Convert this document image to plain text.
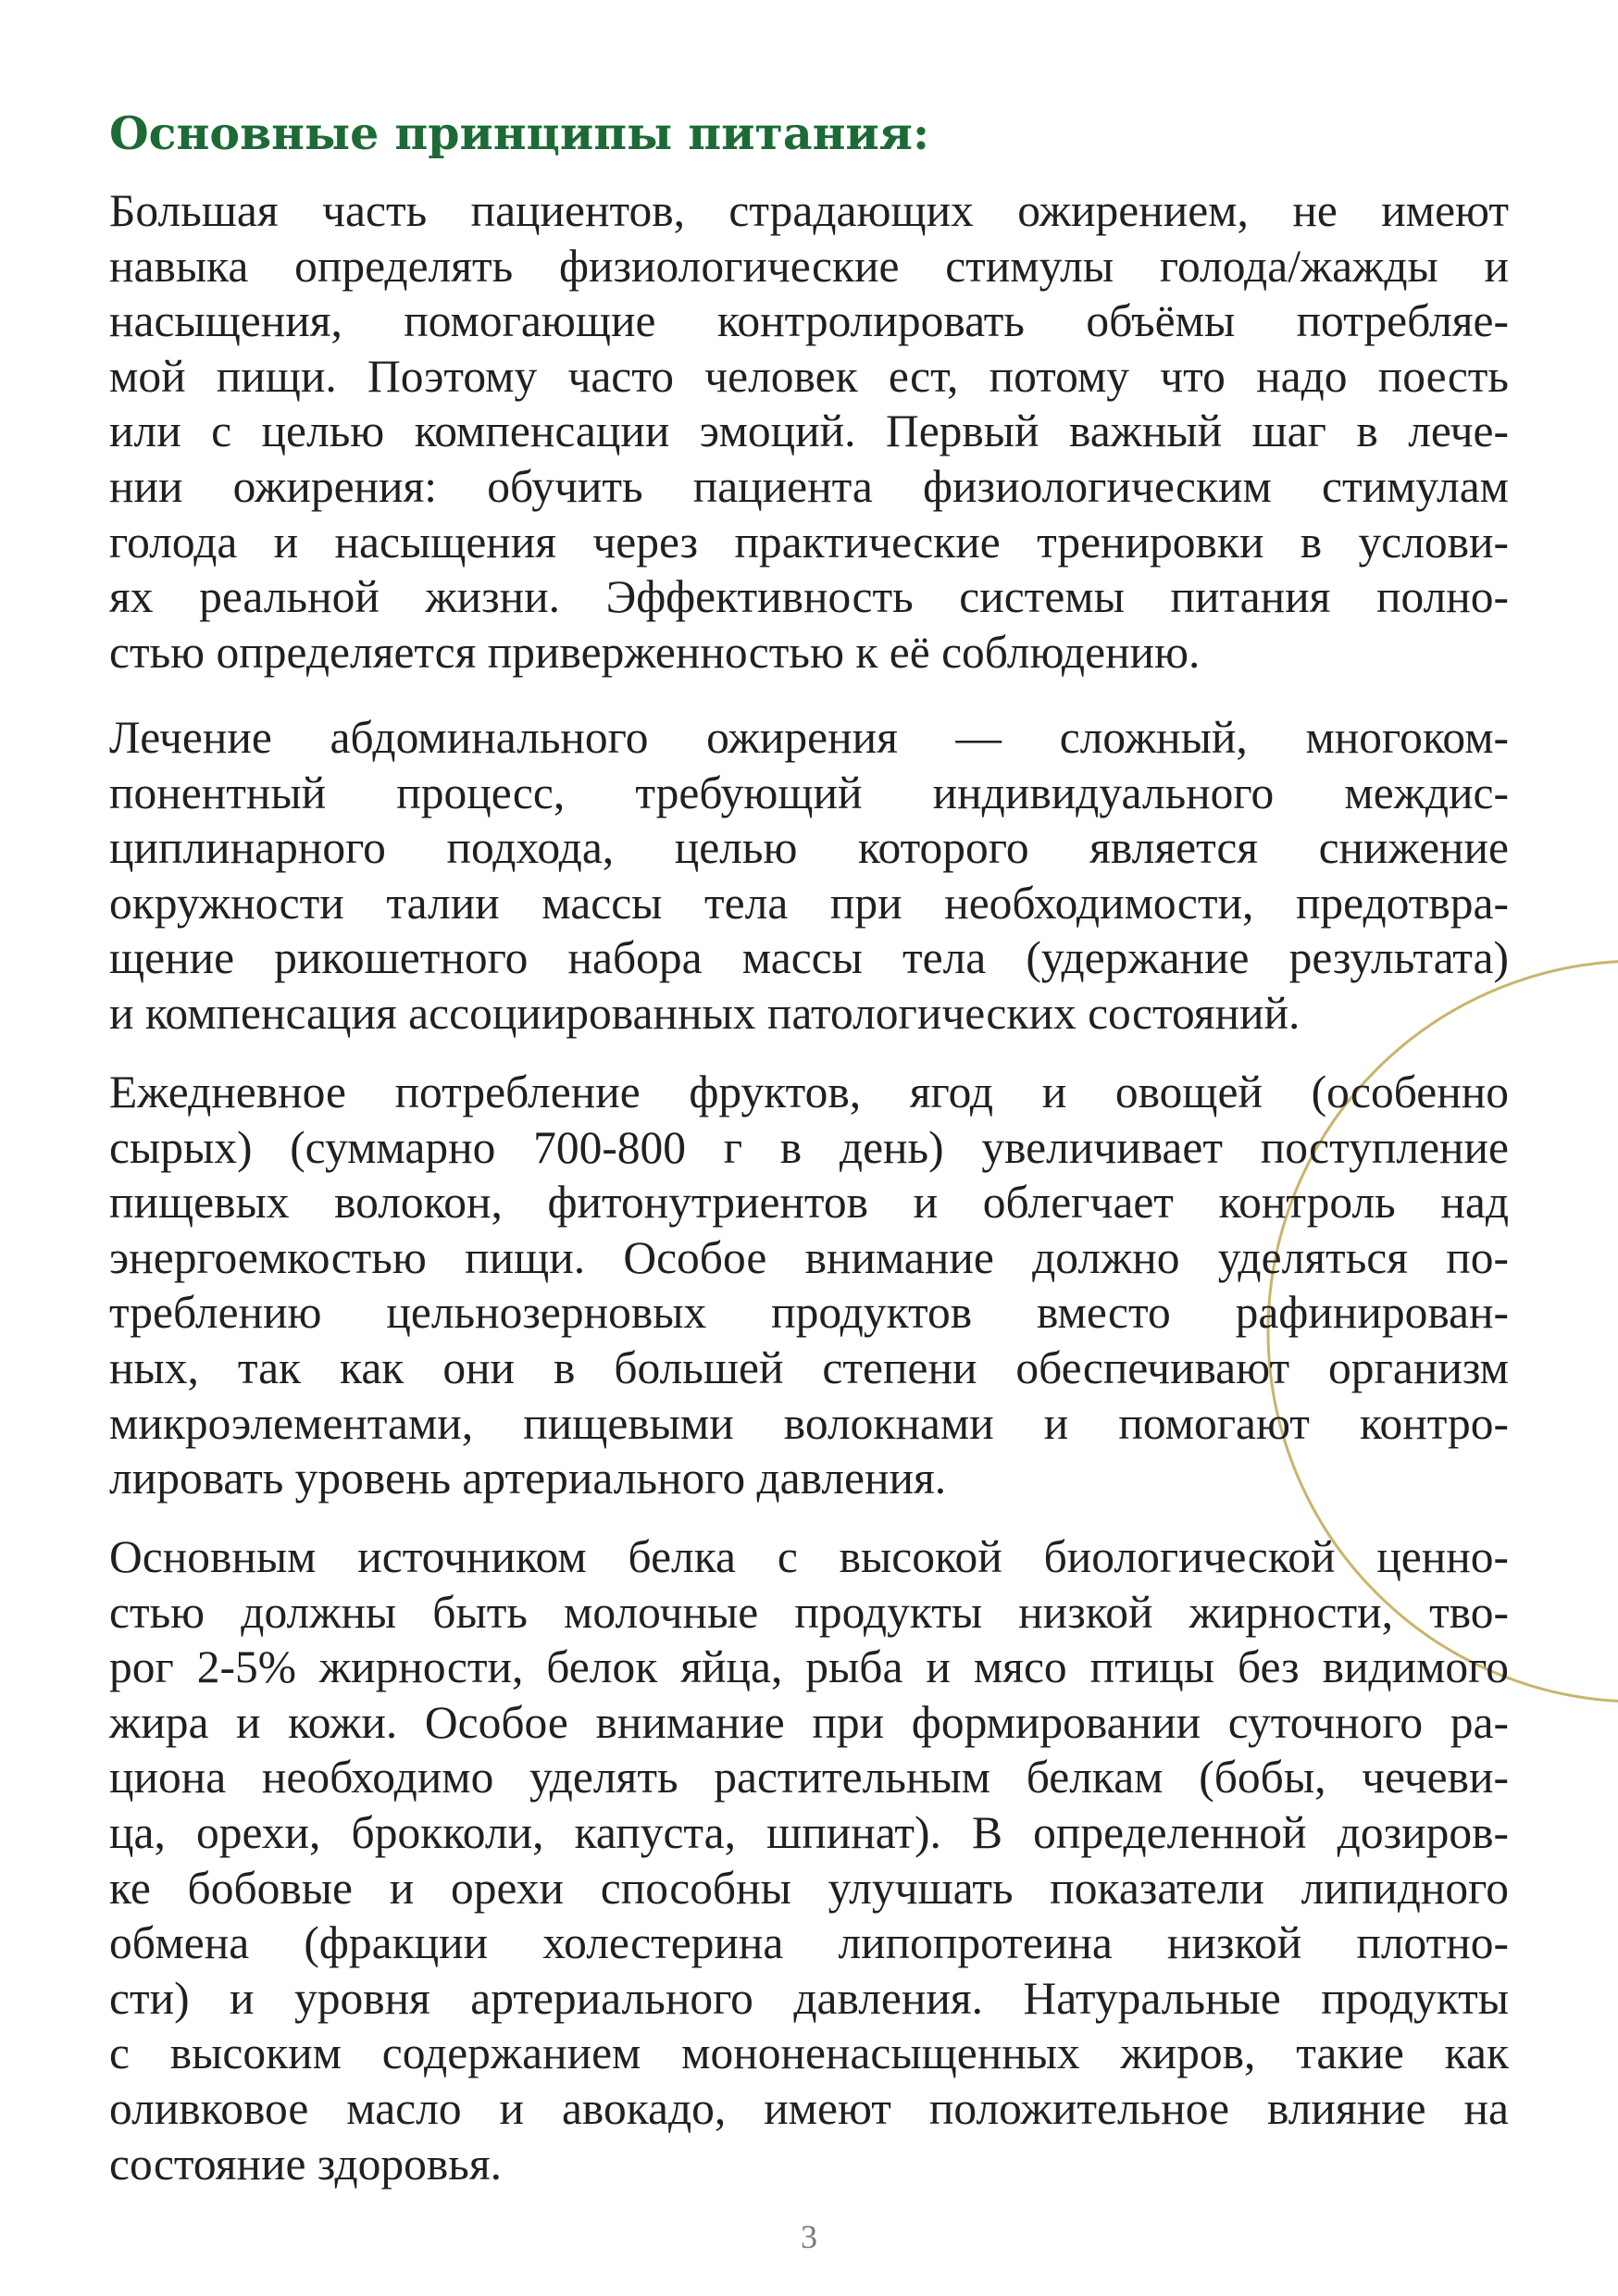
Основные принципы питания:

Большая часть пациентов, страдающих ожирением, не имеют
навыка определять физиологические стимулы голода/жажды и
насыщения, помогающие контролировать объёмы потребляе-
мой пищи. Поэтому часто человек ест, потому что надо поесть
или с целью компенсации эмоций. Первый важный шаг в лече-
нии ожирения: обучить пациента физиологическим стимулам
голода и насыщения через практические тренировки в услови-
ях реальной жизни. Эффективность системы питания полно-
стью определяется приверженностью к её соблюдению.

Лечение абдоминального ожирения — сложный, многоком-
понентный процесс, требующий индивидуального междис-
циплинарного подхода, целью которого является снижение
окружности талии массы тела при необходимости, предотвра-
щение рикошетного набора массы тела (удержание результата)
и компенсация ассоциированных патологических состояний.

Ежедневное потребление фруктов, ягод и овощей (особенно
сырых) (суммарно 700-800 г в день) увеличивает поступление
пищевых волокон, фитонутриентов и облегчает контроль над
энергоемкостью пищи. Особое внимание должно уделяться по-
треблению цельнозерновых продуктов вместо рафинирован-
ных, так как они в большей степени обеспечивают организм
микроэлементами, пищевыми волокнами и помогают контро-
лировать уровень артериального давления.

Основным источником белка с высокой биологической ценно-
стью должны быть молочные продукты низкой жирности, тво-
рог 2-5% жирности, белок яйца, рыба и мясо птицы без видимого
жира и кожи. Особое внимание при формировании суточного ра-
циона необходимо уделять растительным белкам (бобы, чечеви-
ца, орехи, брокколи, капуста, шпинат). В определенной дозиров-
ке бобовые и орехи способны улучшать показатели липидного
обмена (фракции холестерина липопротеина низкой плотно-
сти) и уровня артериального давления. Натуральные продукты
с высоким содержанием мононенасыщенных жиров, такие как
оливковое масло и авокадо, имеют положительное влияние на
состояние здоровья.

3
